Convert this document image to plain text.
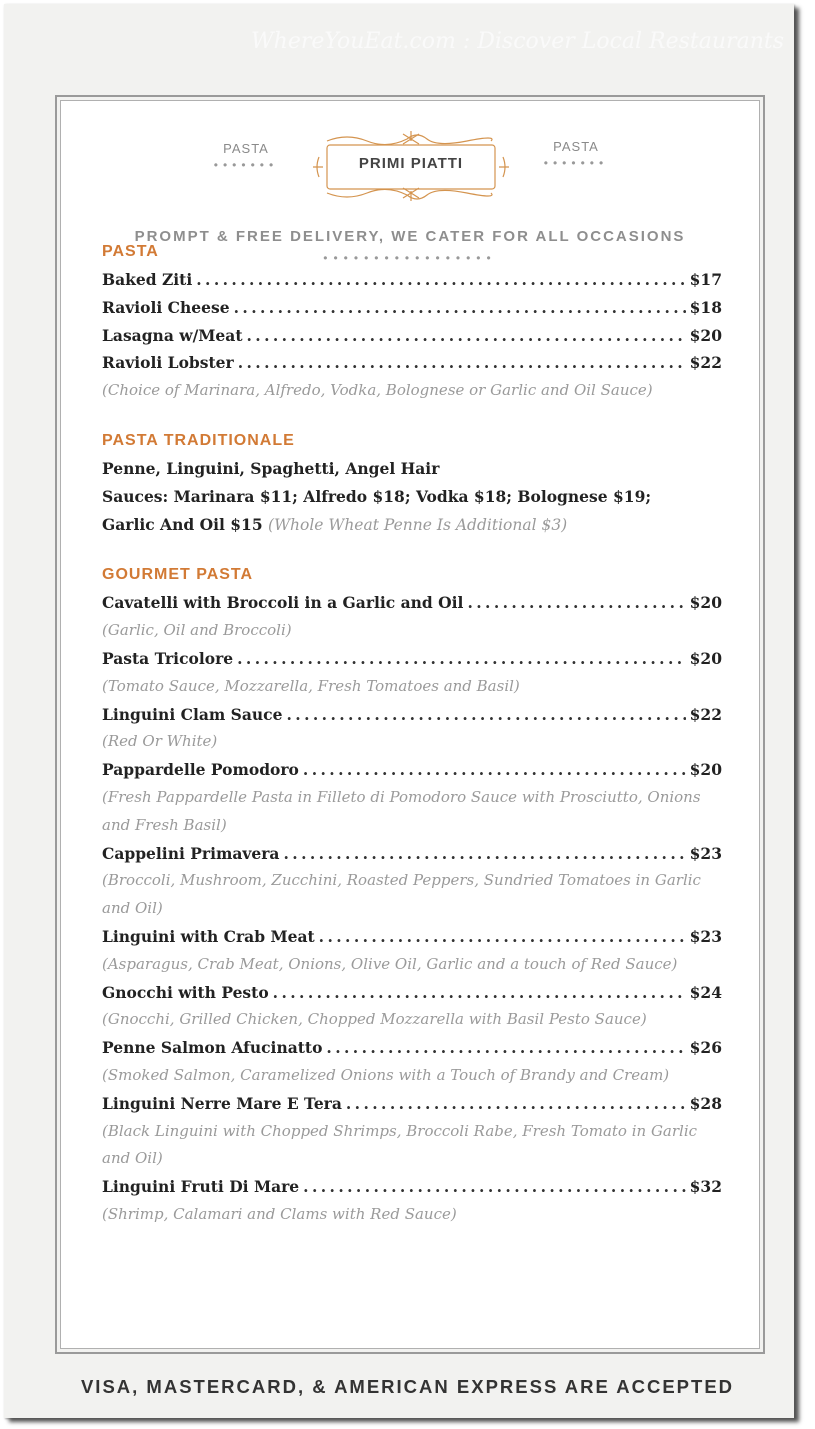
WhereYouEat.com : Discover Local Restaurants
PASTA
•••••••	PRIMI PIATTI
PASTA
•••••••
PROMPT & FREE DELIVERY, WE CATER FOR ALL OCCASIONS
•••••••••••••••••
PASTA
Baked Ziti . . .	$17
Ravioli Cheese . . .	$18
Lasagna w/Meat . . .	$20
Ravioli Lobster . . .	$22
(Choice of Marinara, Alfredo, Vodka, Bolognese or Garlic and Oil Sauce)
PASTA TRADITIONALE
Penne, Linguini, Spaghetti, Angel Hair
Sauces: Marinara $11; Alfredo $18; Vodka $18; Bolognese $19;
Garlic And Oil $15 (Whole Wheat Penne Is Additional $3)
GOURMET PASTA
Cavatelli with Broccoli in a Garlic and Oil . . .	$20
(Garlic, Oil and Broccoli)
Pasta Tricolore . . .	$20
(Tomato Sauce, Mozzarella, Fresh Tomatoes and Basil)
Linguini Clam Sauce . . .	$22
(Red Or White)
Pappardelle Pomodoro . . .	$20
(Fresh Pappardelle Pasta in Filleto di Pomodoro Sauce with Prosciutto, Onions and Fresh Basil)
Cappelini Primavera . . .	$23
(Broccoli, Mushroom, Zucchini, Roasted Peppers, Sundried Tomatoes in Garlic and Oil)
Linguini with Crab Meat . . .	$23
(Asparagus, Crab Meat, Onions, Olive Oil, Garlic and a touch of Red Sauce)
Gnocchi with Pesto . . .	$24
(Gnocchi, Grilled Chicken, Chopped Mozzarella with Basil Pesto Sauce)
Penne Salmon Afucinatto . . .	$26
(Smoked Salmon, Caramelized Onions with a Touch of Brandy and Cream)
Linguini Nerre Mare E Tera . . .	$28
(Black Linguini with Chopped Shrimps, Broccoli Rabe, Fresh Tomato in Garlic and Oil)
Linguini Fruti Di Mare . . .	$32
(Shrimp, Calamari and Clams with Red Sauce)
VISA, MASTERCARD, & AMERICAN EXPRESS ARE ACCEPTED
